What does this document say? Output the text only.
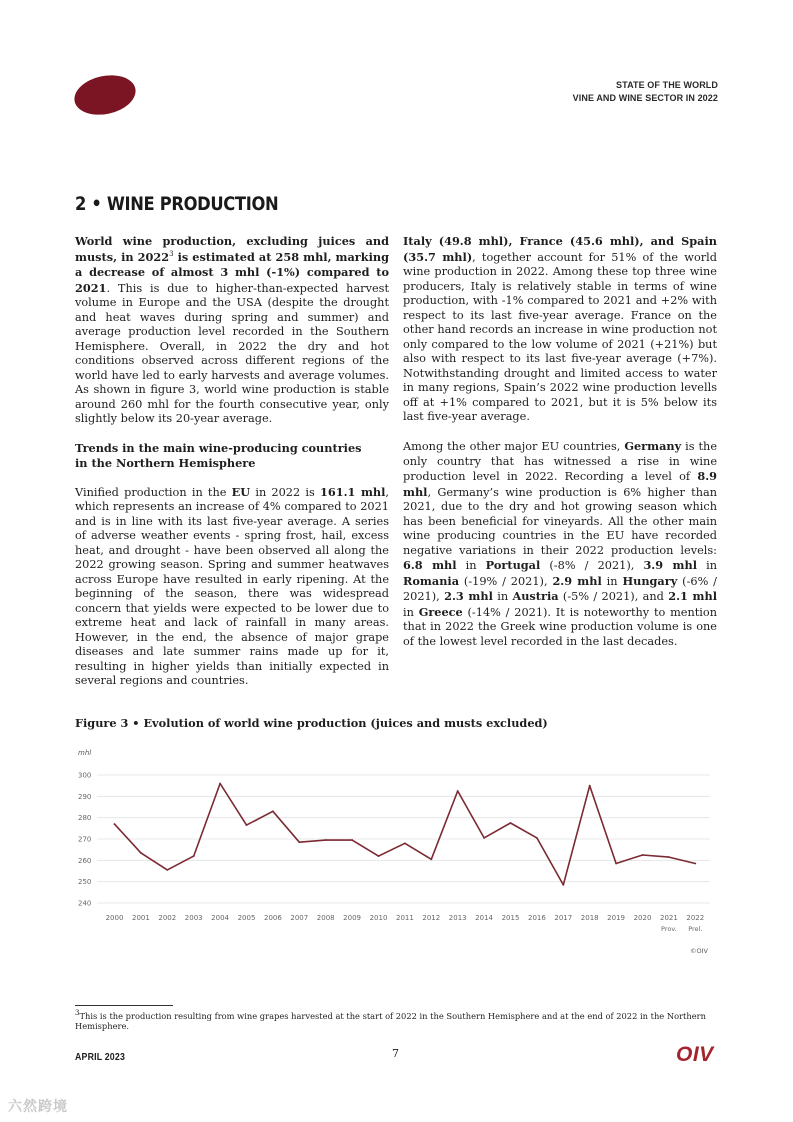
STATE OF THE WORLD
VINE AND WINE SECTOR IN 2022
2 • WINE PRODUCTION

World wine production, excluding juices and musts, in 2022$^3$ is estimated at 258 mhl, marking a decrease of almost 3 mhl (-1%) compared to 2021. This is due to higher-than-expected harvest volume in Europe and the USA (despite the drought and heat waves during spring and summer) and average production level recorded in the Southern Hemisphere. Overall, in 2022 the dry and hot conditions observed across different regions of the world have led to early harvests and average volumes. As shown in figure 3, world wine production is stable around 260 mhl for the fourth consecutive year, only slightly below its 20-year average.

Trends in the main wine-producing countries
in the Northern Hemisphere

Vinified production in the EU in 2022 is 161.1 mhl, which represents an increase of 4% compared to 2021 and is in line with its last five-year average. A series of adverse weather events - spring frost, hail, excess heat, and drought - have been observed all along the 2022 growing season. Spring and summer heatwaves across Europe have resulted in early ripening. At the beginning of the season, there was widespread concern that yields were expected to be lower due to extreme heat and lack of rainfall in many areas. However, in the end, the absence of major grape diseases and late summer rains made up for it, resulting in higher yields than initially expected in several regions and countries.

Italy (49.8 mhl), France (45.6 mhl), and Spain (35.7 mhl), together account for 51% of the world wine production in 2022. Among these top three wine producers, Italy is relatively stable in terms of wine production, with -1% compared to 2021 and +2% with respect to its last five-year average. France on the other hand records an increase in wine production not only compared to the low volume of 2021 (+21%) but also with respect to its last five-year average (+7%). Notwithstanding drought and limited access to water in many regions, Spain’s 2022 wine production levells off at +1% compared to 2021, but it is 5% below its last five-year average.

Among the other major EU countries, Germany is the only country that has witnessed a rise in wine production level in 2022. Recording a level of 8.9 mhl, Germany’s wine production is 6% higher than 2021, due to the dry and hot growing season which has been beneficial for vineyards. All the other main wine producing countries in the EU have recorded negative variations in their 2022 production levels: 6.8 mhl in Portugal (-8% / 2021), 3.9 mhl in Romania (-19% / 2021), 2.9 mhl in Hungary (-6% / 2021), 2.3 mhl in Austria (-5% / 2021), and 2.1 mhl in Greece (-14% / 2021). It is noteworthy to mention that in 2022 the Greek wine production volume is one of the lowest level recorded in the last decades.

Figure 3 • Evolution of world wine production (juices and musts excluded)
mhl
240
250
260
270
280
290
300
2000 2001 2002 2003 2004 2005 2006 2007 2008 2009 2010 2011 2012 2013 2014 2015 2016 2017 2018 2019 2020 2021
Prov.
2022
Prel.
©OIV
$^3$This is the production resulting from wine grapes harvested at the start of 2022 in the Southern Hemisphere and at the end of 2022 in the Northern Hemisphere.
APRIL 2023	7	OIV
六然跨境
